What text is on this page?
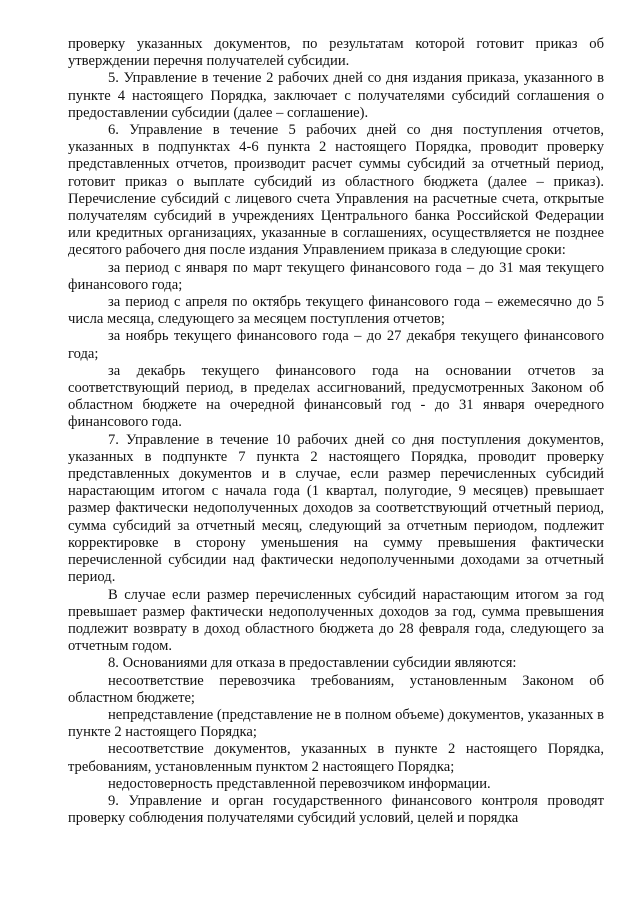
проверку указанных документов, по результатам которой готовит приказ об утверждении перечня получателей субсидии.

5. Управление в течение 2 рабочих дней со дня издания приказа, указанного в пункте 4 настоящего Порядка, заключает с получателями субсидий соглашения о предоставлении субсидии (далее – соглашение).

6. Управление в течение 5 рабочих дней со дня поступления отчетов, указанных в подпунктах 4-6 пункта 2 настоящего Порядка, проводит проверку представленных отчетов, производит расчет суммы субсидий за отчетный период, готовит приказ о выплате субсидий из областного бюджета (далее – приказ). Перечисление субсидий с лицевого счета Управления на расчетные счета, открытые получателям субсидий в учреждениях Центрального банка Российской Федерации или кредитных организациях, указанные в соглашениях, осуществляется не позднее десятого рабочего дня после издания Управлением приказа в следующие сроки:

за период с января по март текущего финансового года – до 31 мая текущего финансового года;

за период с апреля по октябрь текущего финансового года – ежемесячно до 5 числа месяца, следующего за месяцем поступления отчетов;

за ноябрь текущего финансового года – до 27 декабря текущего финансового года;

за декабрь текущего финансового года на основании отчетов за соответствующий период, в пределах ассигнований, предусмотренных Законом об областном бюджете на очередной финансовый год - до 31 января очередного финансового года.

7. Управление в течение 10 рабочих дней со дня поступления документов, указанных в подпункте 7 пункта 2 настоящего Порядка, проводит проверку представленных документов и в случае, если размер перечисленных субсидий нарастающим итогом с начала года (1 квартал, полугодие, 9 месяцев) превышает размер фактически недополученных доходов за соответствующий отчетный период, сумма субсидий за отчетный месяц, следующий за отчетным периодом, подлежит корректировке в сторону уменьшения на сумму превышения фактически перечисленной субсидии над фактически недополученными доходами за отчетный период.

В случае если размер перечисленных субсидий нарастающим итогом за год превышает размер фактически недополученных доходов за год, сумма превышения подлежит возврату в доход областного бюджета до 28 февраля года, следующего за отчетным годом.

8. Основаниями для отказа в предоставлении субсидии являются:

несоответствие перевозчика требованиям, установленным Законом об областном бюджете;

непредставление (представление не в полном объеме) документов, указанных в пункте 2 настоящего Порядка;

несоответствие документов, указанных в пункте 2 настоящего Порядка, требованиям, установленным пунктом 2 настоящего Порядка;

недостоверность представленной перевозчиком информации.

9. Управление и орган государственного финансового контроля проводят проверку соблюдения получателями субсидий условий, целей и порядка
